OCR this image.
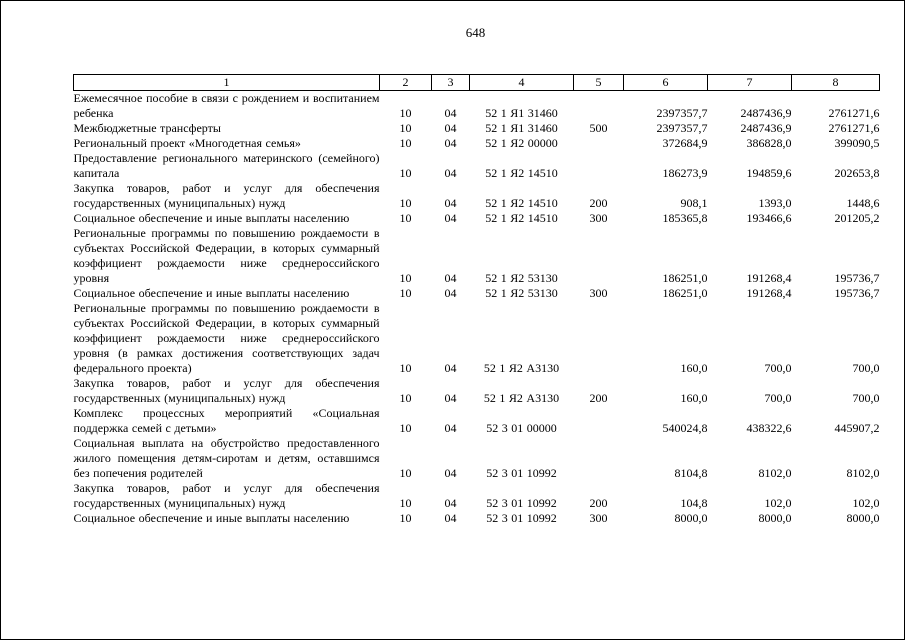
648
1	2	3	4	5	6	7	8
Ежемесячное пособие в связи с рождением и воспитанием ребенка	10	04	52 1 Я1 31460		2397357,7	2487436,9	2761271,6
Межбюджетные трансферты	10	04	52 1 Я1 31460	500	2397357,7	2487436,9	2761271,6
Региональный проект «Многодетная семья»	10	04	52 1 Я2 00000		372684,9	386828,0	399090,5
Предоставление регионального материнского (семейного) капитала	10	04	52 1 Я2 14510		186273,9	194859,6	202653,8
Закупка товаров, работ и услуг для обеспечения государственных (муниципальных) нужд	10	04	52 1 Я2 14510	200	908,1	1393,0	1448,6
Социальное обеспечение и иные выплаты населению	10	04	52 1 Я2 14510	300	185365,8	193466,6	201205,2
Региональные программы по повышению рождаемости в субъектах Российской Федерации, в которых суммарный коэффициент рождаемости ниже среднероссийского уровня	10	04	52 1 Я2 53130		186251,0	191268,4	195736,7
Социальное обеспечение и иные выплаты населению	10	04	52 1 Я2 53130	300	186251,0	191268,4	195736,7
Региональные программы по повышению рождаемости в субъектах Российской Федерации, в которых суммарный коэффициент рождаемости ниже среднероссийского уровня (в рамках достижения соответствующих задач федерального проекта)	10	04	52 1 Я2 A3130		160,0	700,0	700,0
Закупка товаров, работ и услуг для обеспечения государственных (муниципальных) нужд	10	04	52 1 Я2 A3130	200	160,0	700,0	700,0
Комплекс процессных мероприятий «Социальная поддержка семей с детьми»	10	04	52 3 01 00000		540024,8	438322,6	445907,2
Социальная выплата на обустройство предоставленного жилого помещения детям-сиротам и детям, оставшимся без попечения родителей	10	04	52 3 01 10992		8104,8	8102,0	8102,0
Закупка товаров, работ и услуг для обеспечения государственных (муниципальных) нужд	10	04	52 3 01 10992	200	104,8	102,0	102,0
Социальное обеспечение и иные выплаты населению	10	04	52 3 01 10992	300	8000,0	8000,0	8000,0
